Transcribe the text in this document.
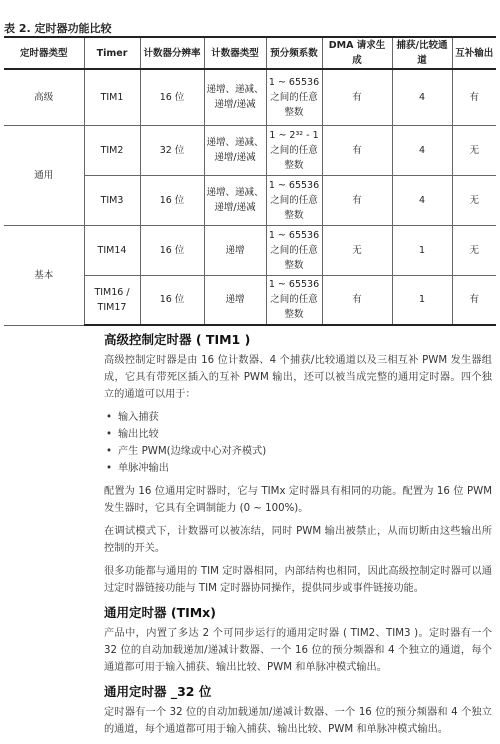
表 2. 定时器功能比较
定时器类型	Timer	计数器分辨率	计数器类型	预分频系数	DMA 请求生成	捕获/比较通道	互补输出
高级	TIM1	16 位	递增、递减、递增/递减	1 ~ 65536 之间的任意整数	有	4	有
通用	TIM2	32 位	递增、递减、递增/递减	1 ~ 2³² - 1 之间的任意整数	有	4	无
	TIM3	16 位	递增、递减、递增/递减	1 ~ 65536 之间的任意整数	有	4	无
基本	TIM14	16 位	递增	1 ~ 65536 之间的任意整数	无	1	无
	TIM16 / TIM17	16 位	递增	1 ~ 65536 之间的任意整数	有	1	有
高级控制定时器 ( TIM1 )

高级控制定时器是由 16 位计数器、4 个捕获/比较通道以及三相互补 PWM 发生器组成，它具有带死区插入的互补 PWM 输出，还可以被当成完整的通用定时器。四个独立的通道可以用于：

• 输入捕获
• 输出比较
• 产生 PWM(边缘或中心对齐模式)
• 单脉冲输出

配置为 16 位通用定时器时，它与 TIMx 定时器具有相同的功能。配置为 16 位 PWM 发生器时，它具有全调制能力 (0 ~ 100%)。

在调试模式下，计数器可以被冻结，同时 PWM 输出被禁止，从而切断由这些输出所控制的开关。

很多功能都与通用的 TIM 定时器相同，内部结构也相同，因此高级控制定时器可以通过定时器链接功能与 TIM 定时器协同操作，提供同步或事件链接功能。

通用定时器 (TIMx)

产品中，内置了多达 2 个可同步运行的通用定时器 ( TIM2、TIM3 )。定时器有一个 32 位的自动加载递加/递减计数器、一个 16 位的预分频器和 4 个独立的通道，每个通道都可用于输入捕获、输出比较、PWM 和单脉冲模式输出。

通用定时器 _32 位

定时器有一个 32 位的自动加载递加/递减计数器、一个 16 位的预分频器和 4 个独立的通道，每个通道都可用于输入捕获、输出比较、PWM 和单脉冲模式输出。
